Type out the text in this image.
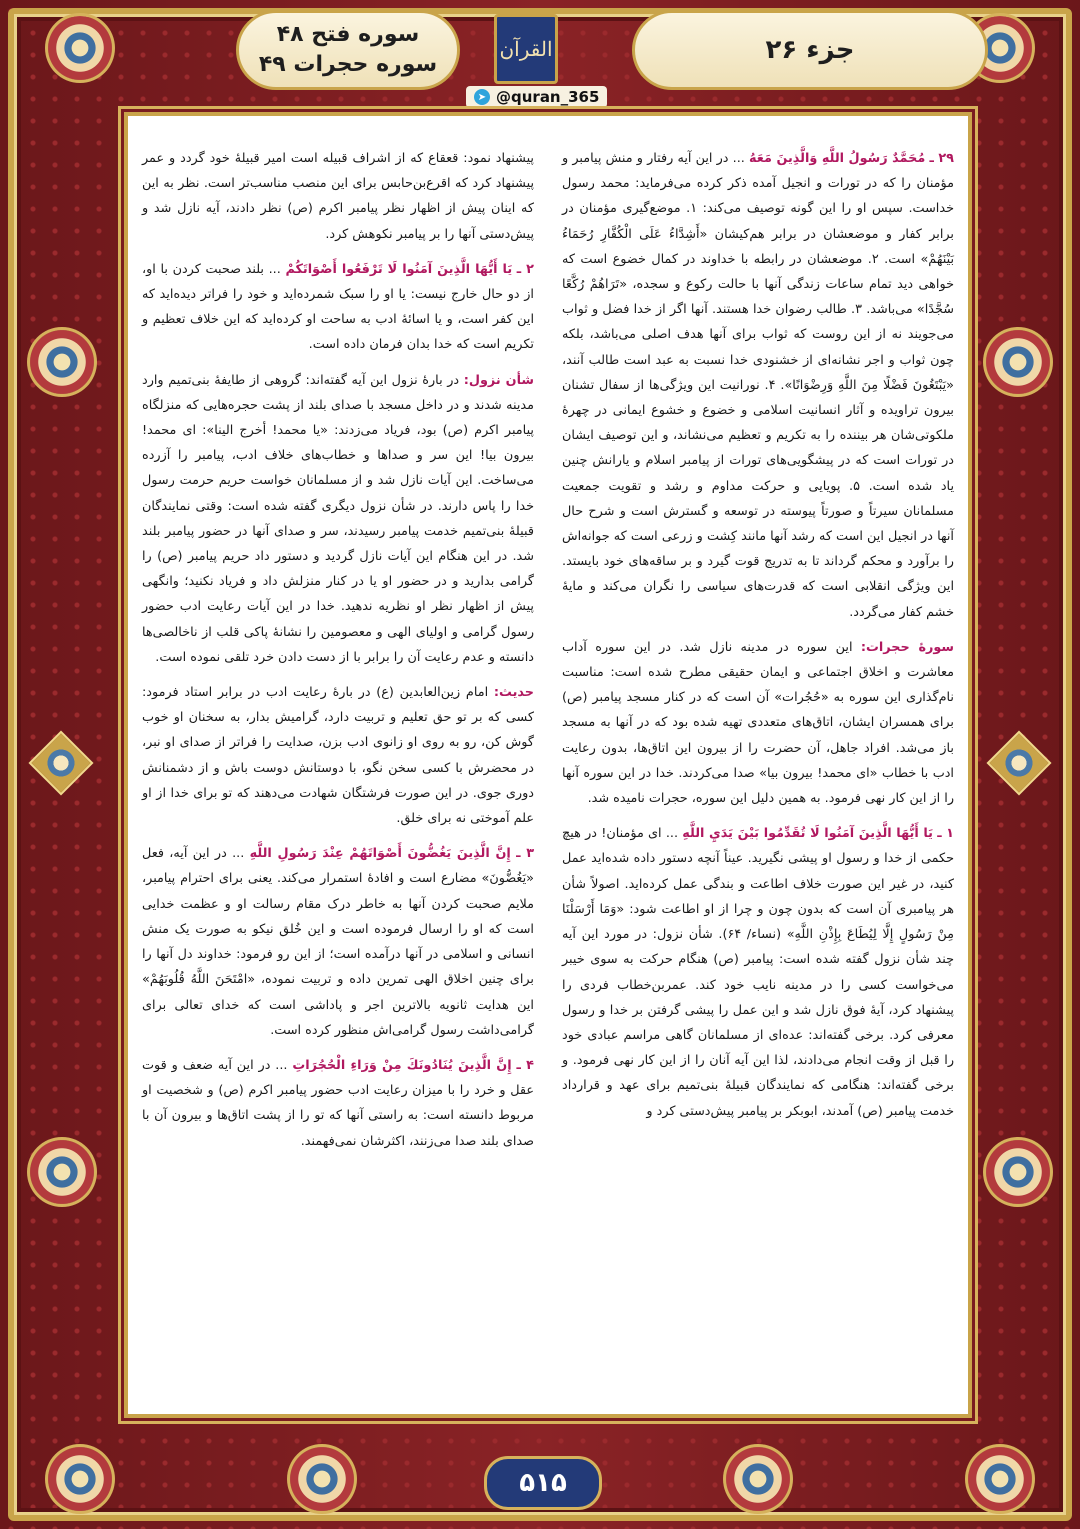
جزء ۲۶
القرآن
سوره فتح ۴۸
سوره حجرات ۴۹
➤ @quran_365

۲۹ ـ مُحَمَّدٌ رَسُولُ اللَّهِ وَالَّذِينَ مَعَهُ ... در این آیه رفتار و منش پیامبر و مؤمنان را که در تورات و انجیل آمده ذکر کرده می‌فرماید: محمد رسول خداست. سپس او را این گونه توصیف می‌کند: ۱. موضع‌گیری مؤمنان در برابر کفار و موضعشان در برابر هم‌کیشان «أَشِدَّاءُ عَلَى الْكُفَّارِ رُحَمَاءُ بَيْنَهُمْ» است. ۲. موضعشان در رابطه با خداوند در کمال خضوع است که خواهی دید تمام ساعات زندگی آنها با حالت رکوع و سجده، «تَرَاهُمْ رُكَّعًا سُجَّدًا» می‌باشد. ۳. طالب رضوان خدا هستند. آنها اگر از خدا فضل و ثواب می‌جویند نه از این روست که ثواب برای آنها هدف اصلی می‌باشد، بلکه چون ثواب و اجر نشانه‌ای از خشنودی خدا نسبت به عبد است طالب آنند، «يَبْتَغُونَ فَضْلًا مِنَ اللَّهِ وَرِضْوَانًا». ۴. نورانیت این ویژگی‌ها از سفال تشنان بیرون تراویده و آثار انسانیت اسلامی و خضوع و خشوع ایمانی در چهرهٔ ملکوتی‌شان هر بیننده را به تکریم و تعظیم می‌نشاند، و این توصیف ایشان در تورات است که در پیشگویی‌های تورات از پیامبر اسلام و یارانش چنین یاد شده است. ۵. پویایی و حرکت مداوم و رشد و تقویت جمعیت مسلمانان سیرتاً و صورتاً پیوسته در توسعه و گسترش است و شرح حال آنها در انجیل این است که رشد آنها مانند کِشت و زرعی است که جوانه‌اش را برآورد و محکم گرداند تا به تدریج قوت گیرد و بر ساقه‌های خود بایستد. این ویژگی انقلابی است که قدرت‌های سیاسی را نگران می‌کند و مایهٔ خشم کفار می‌گردد.

سورهٔ حجرات: این سوره در مدینه نازل شد. در این سوره آداب معاشرت و اخلاق اجتماعی و ایمان حقیقی مطرح شده است: مناسبت نام‌گذاری این سوره به «حُجُرات» آن است که در کنار مسجد پیامبر (ص) برای همسران ایشان، اتاق‌های متعددی تهیه شده بود که در آنها به مسجد باز می‌شد. افراد جاهل، آن حضرت را از بیرون این اتاق‌ها، بدون رعایت ادب با خطاب «ای محمد! بیرون بیا» صدا می‌کردند. خدا در این سوره آنها را از این کار نهی فرمود. به همین دلیل این سوره، حجرات نامیده شد.

۱ ـ يَا أَيُّهَا الَّذِينَ آمَنُوا لَا تُقَدِّمُوا بَيْنَ يَدَيِ اللَّهِ ... ای مؤمنان! در هیچ حکمی از خدا و رسول او پیشی نگیرید. عیناً آنچه دستور داده شده‌اید عمل کنید، در غیر این صورت خلاف اطاعت و بندگی عمل کرده‌اید. اصولاً شأن هر پیامبری آن است که بدون چون و چرا از او اطاعت شود: «وَمَا أَرْسَلْنَا مِنْ رَسُولٍ إِلَّا لِيُطَاعَ بِإِذْنِ اللَّهِ» (نساء/ ۶۴). شأن نزول: در مورد این آیه چند شأن نزول گفته شده است: پیامبر (ص) هنگام حرکت به سوی خیبر می‌خواست کسی را در مدینه نایب خود کند. عمربن‌خطاب فردی را پیشنهاد کرد، آیهٔ فوق نازل شد و این عمل را پیشی گرفتن بر خدا و رسول معرفی کرد. برخی گفته‌اند: عده‌ای از مسلمانان گاهی مراسم عبادی خود را قبل از وقت انجام می‌دادند، لذا این آیه آنان را از این کار نهی فرمود. و برخی گفته‌اند: هنگامی که نمایندگان قبیلهٔ بنی‌تمیم برای عهد و قرارداد خدمت پیامبر (ص) آمدند، ابوبکر بر پیامبر پیش‌دستی کرد و

پیشنهاد نمود: قعقاع که از اشراف قبیله است امیر قبیلهٔ خود گردد و عمر پیشنهاد کرد که اقرع‌بن‌حابس برای این منصب مناسب‌تر است. نظر به این که اینان پیش از اظهار نظر پیامبر اکرم (ص) نظر دادند، آیه نازل شد و پیش‌دستی آنها را بر پیامبر نکوهش کرد.

۲ ـ يَا أَيُّهَا الَّذِينَ آمَنُوا لَا تَرْفَعُوا أَصْوَاتَكُمْ ... بلند صحبت کردن با او، از دو حال خارج نیست: یا او را سبک شمرده‌اید و خود را فراتر دیده‌اید که این کفر است، و یا اسائهٔ ادب به ساحت او کرده‌اید که این خلاف تعظیم و تکریم است که خدا بدان فرمان داده است.

شأن نزول: در بارهٔ نزول این آیه گفته‌اند: گروهی از طایفهٔ بنی‌تمیم وارد مدینه شدند و در داخل مسجد با صدای بلند از پشت حجره‌هایی که منزلگاه پیامبر اکرم (ص) بود، فریاد می‌زدند: «یا محمد! أخرج الینا»: ای محمد! بیرون بیا! این سر و صداها و خطاب‌های خلاف ادب، پیامبر را آزرده می‌ساخت. این آیات نازل شد و از مسلمانان خواست حریم حرمت رسول خدا را پاس دارند. در شأن نزول دیگری گفته شده است: وقتی نمایندگان قبیلهٔ بنی‌تمیم خدمت پیامبر رسیدند، سر و صدای آنها در حضور پیامبر بلند شد. در این هنگام این آیات نازل گردید و دستور داد حریم پیامبر (ص) را گرامی بدارید و در حضور او یا در کنار منزلش داد و فریاد نکنید؛ وانگهی پیش از اظهار نظر او نظریه ندهید. خدا در این آیات رعایت ادب حضور رسول گرامی و اولیای الهی و معصومین را نشانهٔ پاکی قلب از ناخالصی‌ها دانسته و عدم رعایت آن را برابر با از دست دادن خرد تلقی نموده است.

حدیث: امام زین‌العابدین (ع) در بارهٔ رعایت ادب در برابر استاد فرمود: کسی که بر تو حق تعلیم و تربیت دارد، گرامیش بدار، به سخنان او خوب گوش کن، رو به روی او زانوی ادب بزن، صدایت را فراتر از صدای او نبر، در محضرش با کسی سخن نگو، با دوستانش دوست باش و از دشمنانش دوری جوی. در این صورت فرشتگان شهادت می‌دهند که تو برای خدا از او علم آموختی نه برای خلق.

۳ ـ إِنَّ الَّذِينَ يَغُضُّونَ أَصْوَاتَهُمْ عِنْدَ رَسُولِ اللَّهِ ... در این آیه، فعل «يَغُضُّونَ» مضارع است و افادهٔ استمرار می‌کند. یعنی برای احترام پیامبر، ملایم صحبت کردن آنها به خاطر درک مقام رسالت او و عظمت خدایی است که او را ارسال فرموده است و این خُلق نیکو به صورت یک منش انسانی و اسلامی در آنها درآمده است؛ از این رو فرمود: خداوند دل آنها را برای چنین اخلاق الهی تمرین داده و تربیت نموده، «امْتَحَنَ اللَّهُ قُلُوبَهُمْ» این هدایت ثانویه بالاترین اجر و پاداشی است که خدای تعالی برای گرامی‌داشت رسول گرامی‌اش منظور کرده است.

۴ ـ إِنَّ الَّذِينَ يُنَادُونَكَ مِنْ وَرَاءِ الْحُجُرَاتِ ... در این آیه ضعف و قوت عقل و خرد را با میزان رعایت ادب حضور پیامبر اکرم (ص) و شخصیت او مربوط دانسته است: به راستی آنها که تو را از پشت اتاق‌ها و بیرون آن با صدای بلند صدا می‌زنند، اکثرشان نمی‌فهمند.

۵۱۵
